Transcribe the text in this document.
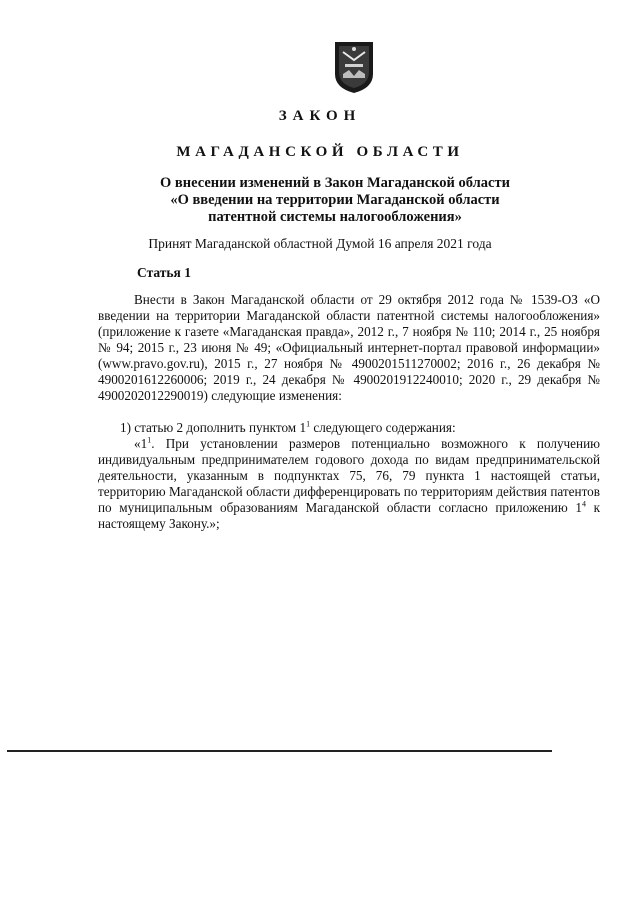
ЗАКОН
МАГАДАНСКОЙ ОБЛАСТИ
О внесении изменений в Закон Магаданской области
«О введении на территории Магаданской области
патентной системы налогообложения»
Принят Магаданской областной Думой 16 апреля 2021 года
Статья 1

Внести в Закон Магаданской области от 29 октября 2012 года № 1539-ОЗ «О введении на территории Магаданской области патентной системы налогообложения» (приложение к газете «Магаданская правда», 2012 г., 7 ноября № 110; 2014 г., 25 ноября № 94; 2015 г., 23 июня № 49; «Официальный интернет-портал правовой информации» (www.pravo.gov.ru), 2015 г., 27 ноября № 4900201511270002; 2016 г., 26 декабря № 4900201612260006; 2019 г., 24 декабря № 4900201912240010; 2020 г., 29 декабря № 4900202012290019) следующие изменения:

1) статью 2 дополнить пунктом $1^1$ следующего содержания:

«$1^1$. При установлении размеров потенциально возможного к получению индивидуальным предпринимателем годового дохода по видам предпринимательской деятельности, указанным в подпунктах 75, 76, 79 пункта 1 настоящей статьи, территорию Магаданской области дифференцировать по территориям действия патентов по муниципальным образованиям Магаданской области согласно приложению $1^4$ к настоящему Закону.»;
